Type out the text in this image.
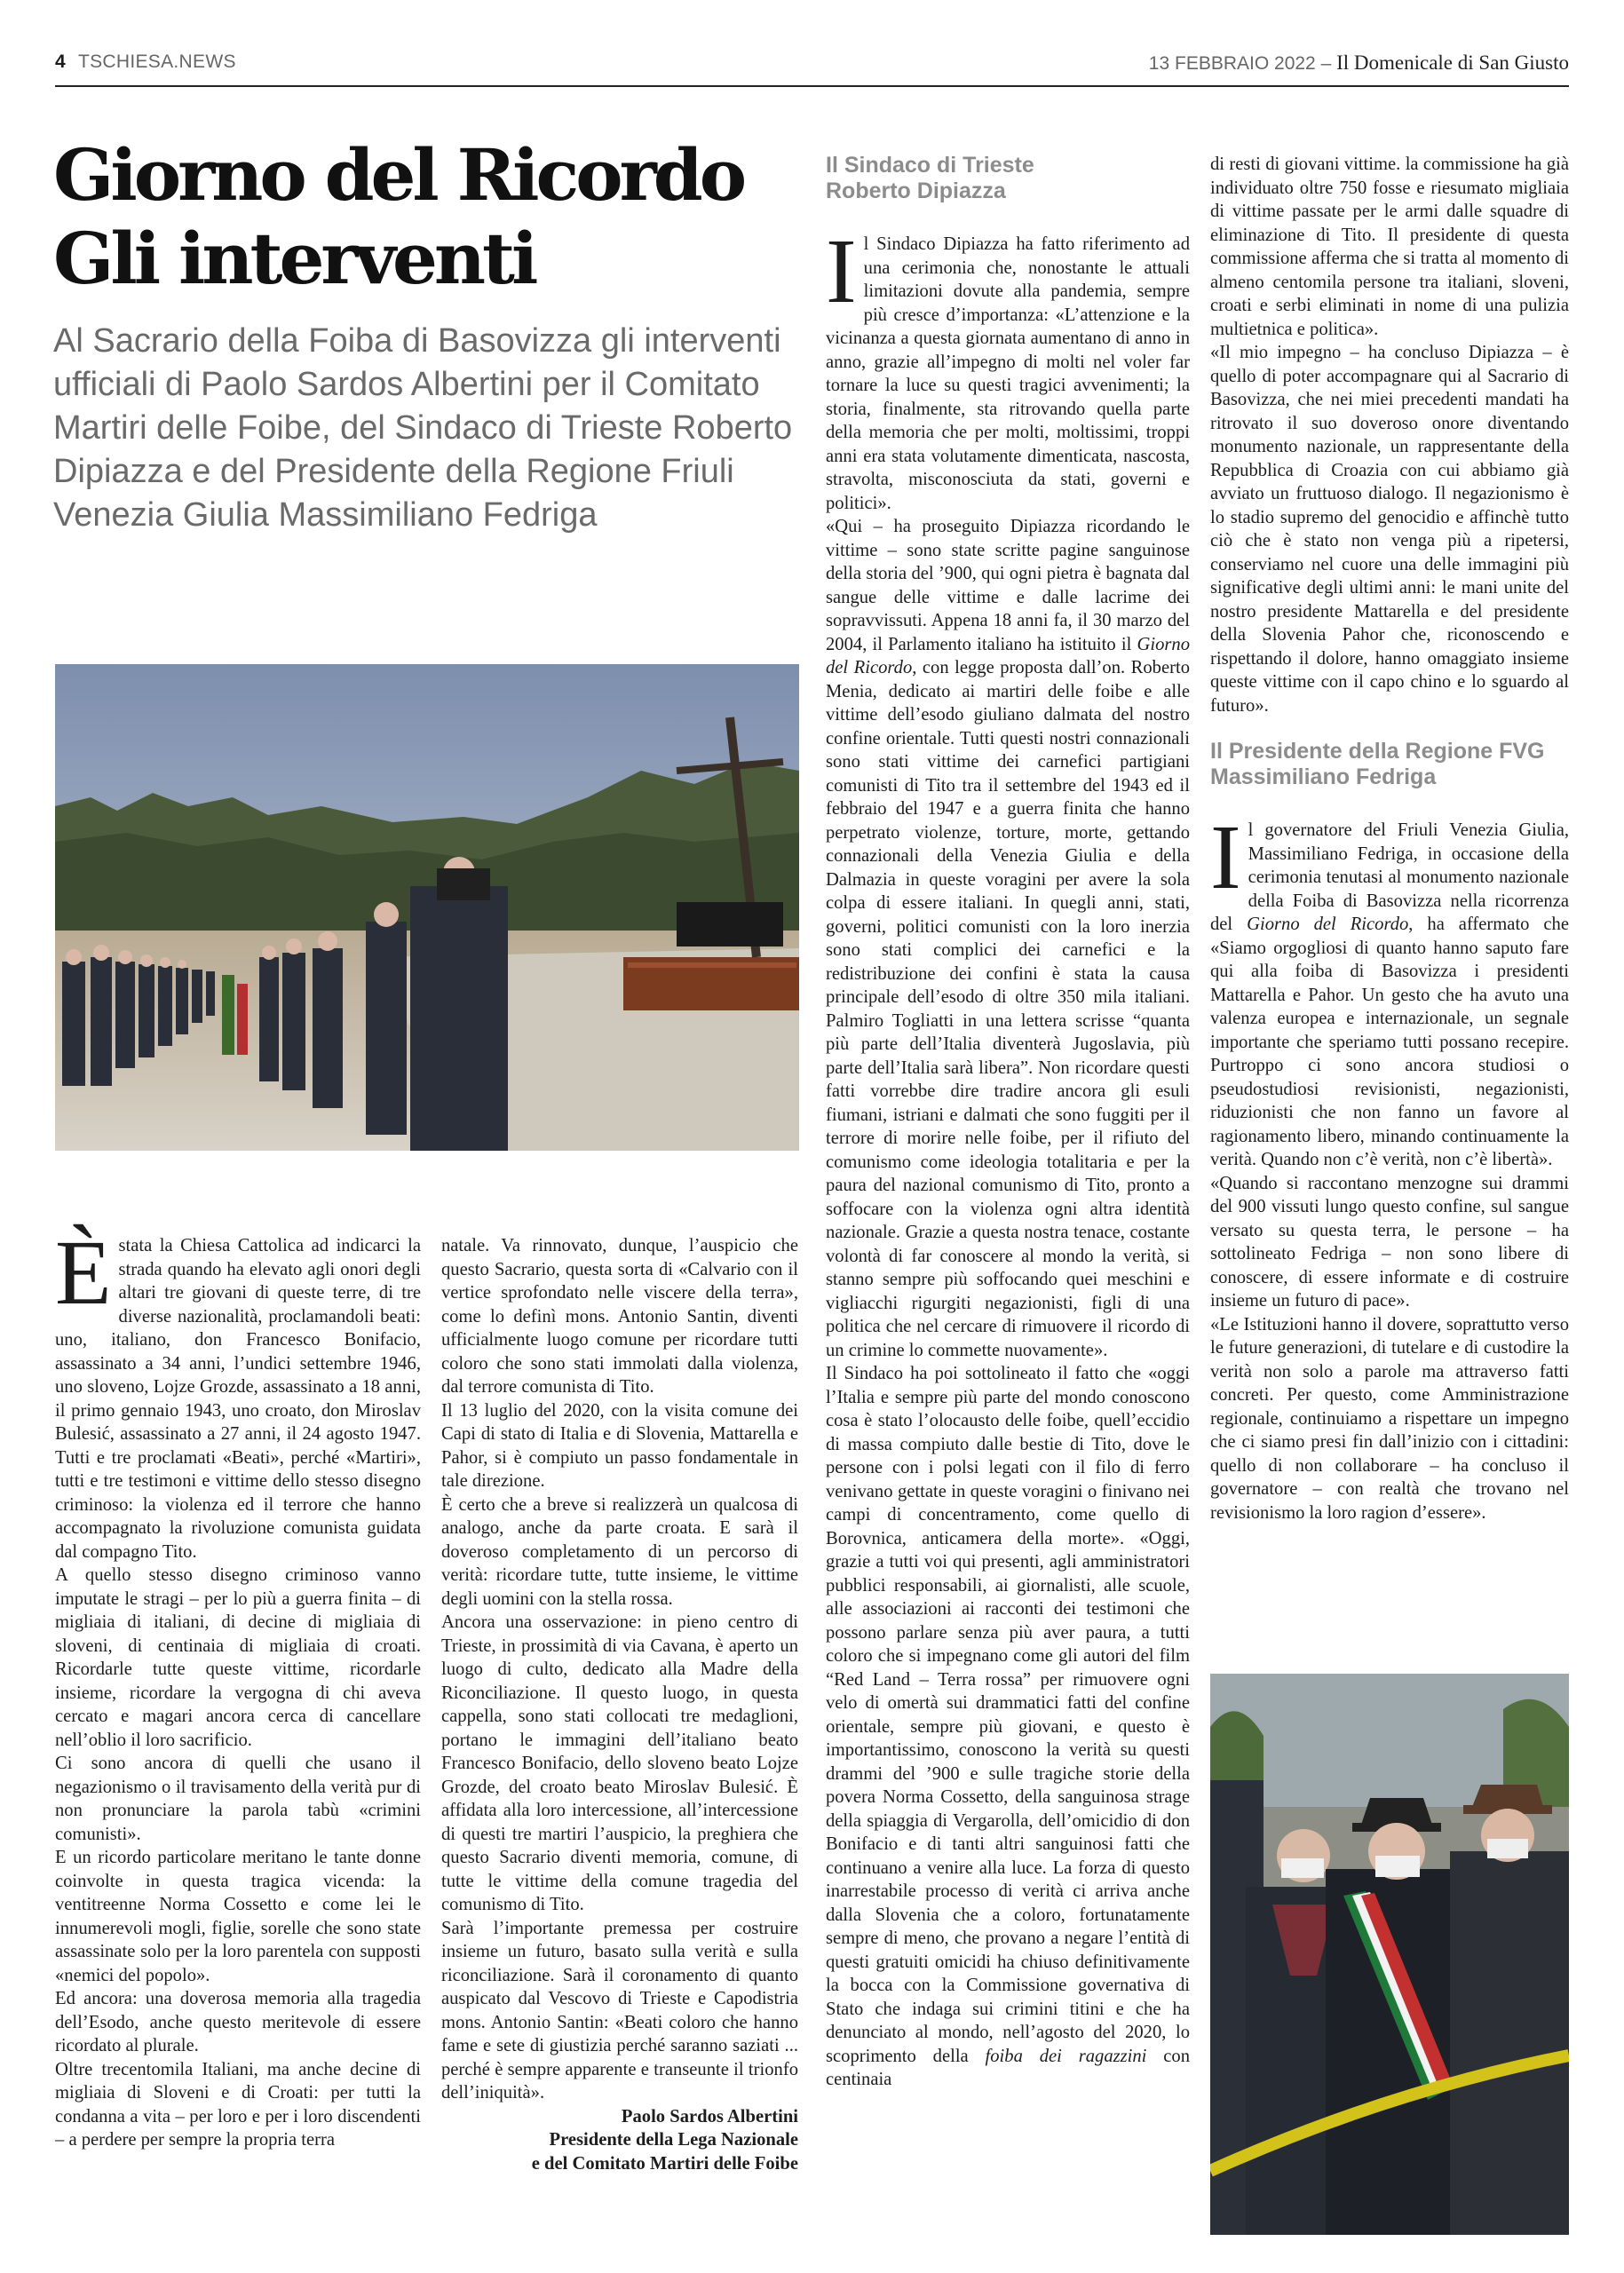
4 TSCHIESA.NEWS	13 FEBBRAIO 2022 – Il Domenicale di San Giusto
Giorno del Ricordo
Gli interventi

Al Sacrario della Foiba di Basovizza gli interventi ufficiali di Paolo Sardos Albertini per il Comitato Martiri delle Foibe, del Sindaco di Trieste Roberto Dipiazza e del Presidente della Regione Friuli Venezia Giulia Massimiliano Fedriga

Èstata la Chiesa Cattolica ad indicarci la strada quando ha elevato agli onori degli altari tre giovani di queste terre, di tre diverse nazionalità, proclamandoli beati: uno, italiano, don Francesco Bonifacio, assassinato a 34 anni, l’undici settembre 1946, uno sloveno, Lojze Grozde, assassinato a 18 anni, il primo gennaio 1943, uno croato, don Miroslav Bulesić, assassinato a 27 anni, il 24 agosto 1947. Tutti e tre proclamati «Beati», perché «Martiri», tutti e tre testimoni e vittime dello stesso disegno criminoso: la violenza ed il terrore che hanno accompagnato la rivoluzione comunista guidata dal compagno Tito.

A quello stesso disegno criminoso vanno imputate le stragi – per lo più a guerra finita – di migliaia di italiani, di decine di migliaia di sloveni, di centinaia di migliaia di croati. Ricordarle tutte queste vittime, ricordarle insieme, ricordare la vergogna di chi aveva cercato e magari ancora cerca di cancellare nell’oblio il loro sacrificio.

Ci sono ancora di quelli che usano il negazionismo o il travisamento della verità pur di non pronunciare la parola tabù «crimini comunisti».

E un ricordo particolare meritano le tante donne coinvolte in questa tragica vicenda: la ventitreenne Norma Cossetto e come lei le innumerevoli mogli, figlie, sorelle che sono state assassinate solo per la loro parentela con supposti «nemici del popolo».

Ed ancora: una doverosa memoria alla tragedia dell’Esodo, anche questo meritevole di essere ricordato al plurale.

Oltre trecentomila Italiani, ma anche decine di migliaia di Sloveni e di Croati: per tutti la condanna a vita – per loro e per i loro discendenti – a perdere per sempre la propria terra

natale. Va rinnovato, dunque, l’auspicio che questo Sacrario, questa sorta di «Calvario con il vertice sprofondato nelle viscere della terra», come lo definì mons. Antonio Santin, diventi ufficialmente luogo comune per ricordare tutti coloro che sono stati immolati dalla violenza, dal terrore comunista di Tito.

Il 13 luglio del 2020, con la visita comune dei Capi di stato di Italia e di Slovenia, Mattarella e Pahor, si è compiuto un passo fondamentale in tale direzione.

È certo che a breve si realizzerà un qualcosa di analogo, anche da parte croata. E sarà il doveroso completamento di un percorso di verità: ricordare tutte, tutte insieme, le vittime degli uomini con la stella rossa.

Ancora una osservazione: in pieno centro di Trieste, in prossimità di via Cavana, è aperto un luogo di culto, dedicato alla Madre della Riconciliazione. Il questo luogo, in questa cappella, sono stati collocati tre medaglioni, portano le immagini dell’italiano beato Francesco Bonifacio, dello sloveno beato Lojze Grozde, del croato beato Miroslav Bulesić. È affidata alla loro intercessione, all’intercessione di questi tre martiri l’auspicio, la preghiera che questo Sacrario diventi memoria, comune, di tutte le vittime della comune tragedia del comunismo di Tito.

Sarà l’importante premessa per costruire insieme un futuro, basato sulla verità e sulla riconciliazione. Sarà il coronamento di quanto auspicato dal Vescovo di Trieste e Capodistria mons. Antonio Santin: «Beati coloro che hanno fame e sete di giustizia perché saranno saziati ... perché è sempre apparente e transeunte il trionfo dell’iniquità».

Paolo Sardos Albertini

Presidente della Lega Nazionale

e del Comitato Martiri delle Foibe

Il Sindaco di Trieste

Roberto Dipiazza

Il Sindaco Dipiazza ha fatto riferimento ad una cerimonia che, nonostante le attuali limitazioni dovute alla pandemia, sempre più cresce d’importanza: «L’attenzione e la vicinanza a questa giornata aumentano di anno in anno, grazie all’impegno di molti nel voler far tornare la luce su questi tragici avvenimenti; la storia, finalmente, sta ritrovando quella parte della memoria che per molti, moltissimi, troppi anni era stata volutamente dimenticata, nascosta, stravolta, misconosciuta da stati, governi e politici».

«Qui – ha proseguito Dipiazza ricordando le vittime – sono state scritte pagine sanguinose della storia del ’900, qui ogni pietra è bagnata dal sangue delle vittime e dalle lacrime dei sopravvissuti. Appena 18 anni fa, il 30 marzo del 2004, il Parlamento italiano ha istituito il Giorno del Ricordo, con legge proposta dall’on. Roberto Menia, dedicato ai martiri delle foibe e alle vittime dell’esodo giuliano dalmata del nostro confine orientale. Tutti questi nostri connazionali sono stati vittime dei carnefici partigiani comunisti di Tito tra il settembre del 1943 ed il febbraio del 1947 e a guerra finita che hanno perpetrato violenze, torture, morte, gettando connazionali della Venezia Giulia e della Dalmazia in queste voragini per avere la sola colpa di essere italiani. In quegli anni, stati, governi, politici comunisti con la loro inerzia sono stati complici dei carnefici e la redistribuzione dei confini è stata la causa principale dell’esodo di oltre 350 mila italiani. Palmiro Togliatti in una lettera scrisse “quanta più parte dell’Italia diventerà Jugoslavia, più parte dell’Italia sarà libera”. Non ricordare questi fatti vorrebbe dire tradire ancora gli esuli fiumani, istriani e dalmati che sono fuggiti per il terrore di morire nelle foibe, per il rifiuto del comunismo come ideologia totalitaria e per la paura del nazional comunismo di Tito, pronto a soffocare con la violenza ogni altra identità nazionale. Grazie a questa nostra tenace, costante volontà di far conoscere al mondo la verità, si stanno sempre più soffocando quei meschini e vigliacchi rigurgiti negazionisti, figli di una politica che nel cercare di rimuovere il ricordo di un crimine lo commette nuovamente».

Il Sindaco ha poi sottolineato il fatto che «oggi l’Italia e sempre più parte del mondo conoscono cosa è stato l’olocausto delle foibe, quell’eccidio di massa compiuto dalle bestie di Tito, dove le persone con i polsi legati con il filo di ferro venivano gettate in queste voragini o finivano nei campi di concentramento, come quello di Borovnica, anticamera della morte». «Oggi, grazie a tutti voi qui presenti, agli amministratori pubblici responsabili, ai giornalisti, alle scuole, alle associazioni ai racconti dei testimoni che possono parlare senza più aver paura, a tutti coloro che si impegnano come gli autori del film “Red Land – Terra rossa” per rimuovere ogni velo di omertà sui drammatici fatti del confine orientale, sempre più giovani, e questo è importantissimo, conoscono la verità su questi drammi del ’900 e sulle tragiche storie della povera Norma Cossetto, della sanguinosa strage della spiaggia di Vergarolla, dell’omicidio di don Bonifacio e di tanti altri sanguinosi fatti che continuano a venire alla luce. La forza di questo inarrestabile processo di verità ci arriva anche dalla Slovenia che a coloro, fortunatamente sempre di meno, che provano a negare l’entità di questi gratuiti omicidi ha chiuso definitivamente la bocca con la Commissione governativa di Stato che indaga sui crimini titini e che ha denunciato al mondo, nell’agosto del 2020, lo scoprimento della foiba dei ragazzini con centinaia

di resti di giovani vittime. la commissione ha già individuato oltre 750 fosse e riesumato migliaia di vittime passate per le armi dalle squadre di eliminazione di Tito. Il presidente di questa commissione afferma che si tratta al momento di almeno centomila persone tra italiani, sloveni, croati e serbi eliminati in nome di una pulizia multietnica e politica».

«Il mio impegno – ha concluso Dipiazza – è quello di poter accompagnare qui al Sacrario di Basovizza, che nei miei precedenti mandati ha ritrovato il suo doveroso onore diventando monumento nazionale, un rappresentante della Repubblica di Croazia con cui abbiamo già avviato un fruttuoso dialogo. Il negazionismo è lo stadio supremo del genocidio e affinchè tutto ciò che è stato non venga più a ripetersi, conserviamo nel cuore una delle immagini più significative degli ultimi anni: le mani unite del nostro presidente Mattarella e del presidente della Slovenia Pahor che, riconoscendo e rispettando il dolore, hanno omaggiato insieme queste vittime con il capo chino e lo sguardo al futuro».

Il Presidente della Regione FVG

Massimiliano Fedriga

Il governatore del Friuli Venezia Giulia, Massimiliano Fedriga, in occasione della cerimonia tenutasi al monumento nazionale della Foiba di Basovizza nella ricorrenza del Giorno del Ricordo, ha affermato che «Siamo orgogliosi di quanto hanno saputo fare qui alla foiba di Basovizza i presidenti Mattarella e Pahor. Un gesto che ha avuto una valenza europea e internazionale, un segnale importante che speriamo tutti possano recepire. Purtroppo ci sono ancora studiosi o pseudostudiosi revisionisti, negazionisti, riduzionisti che non fanno un favore al ragionamento libero, minando continuamente la verità. Quando non c’è verità, non c’è libertà».

«Quando si raccontano menzogne sui drammi del 900 vissuti lungo questo confine, sul sangue versato su questa terra, le persone – ha sottolineato Fedriga – non sono libere di conoscere, di essere informate e di costruire insieme un futuro di pace».

«Le Istituzioni hanno il dovere, soprattutto verso le future generazioni, di tutelare e di custodire la verità non solo a parole ma attraverso fatti concreti. Per questo, come Amministrazione regionale, continuiamo a rispettare un impegno che ci siamo presi fin dall’inizio con i cittadini: quello di non collaborare – ha concluso il governatore – con realtà che trovano nel revisionismo la loro ragion d’essere».
